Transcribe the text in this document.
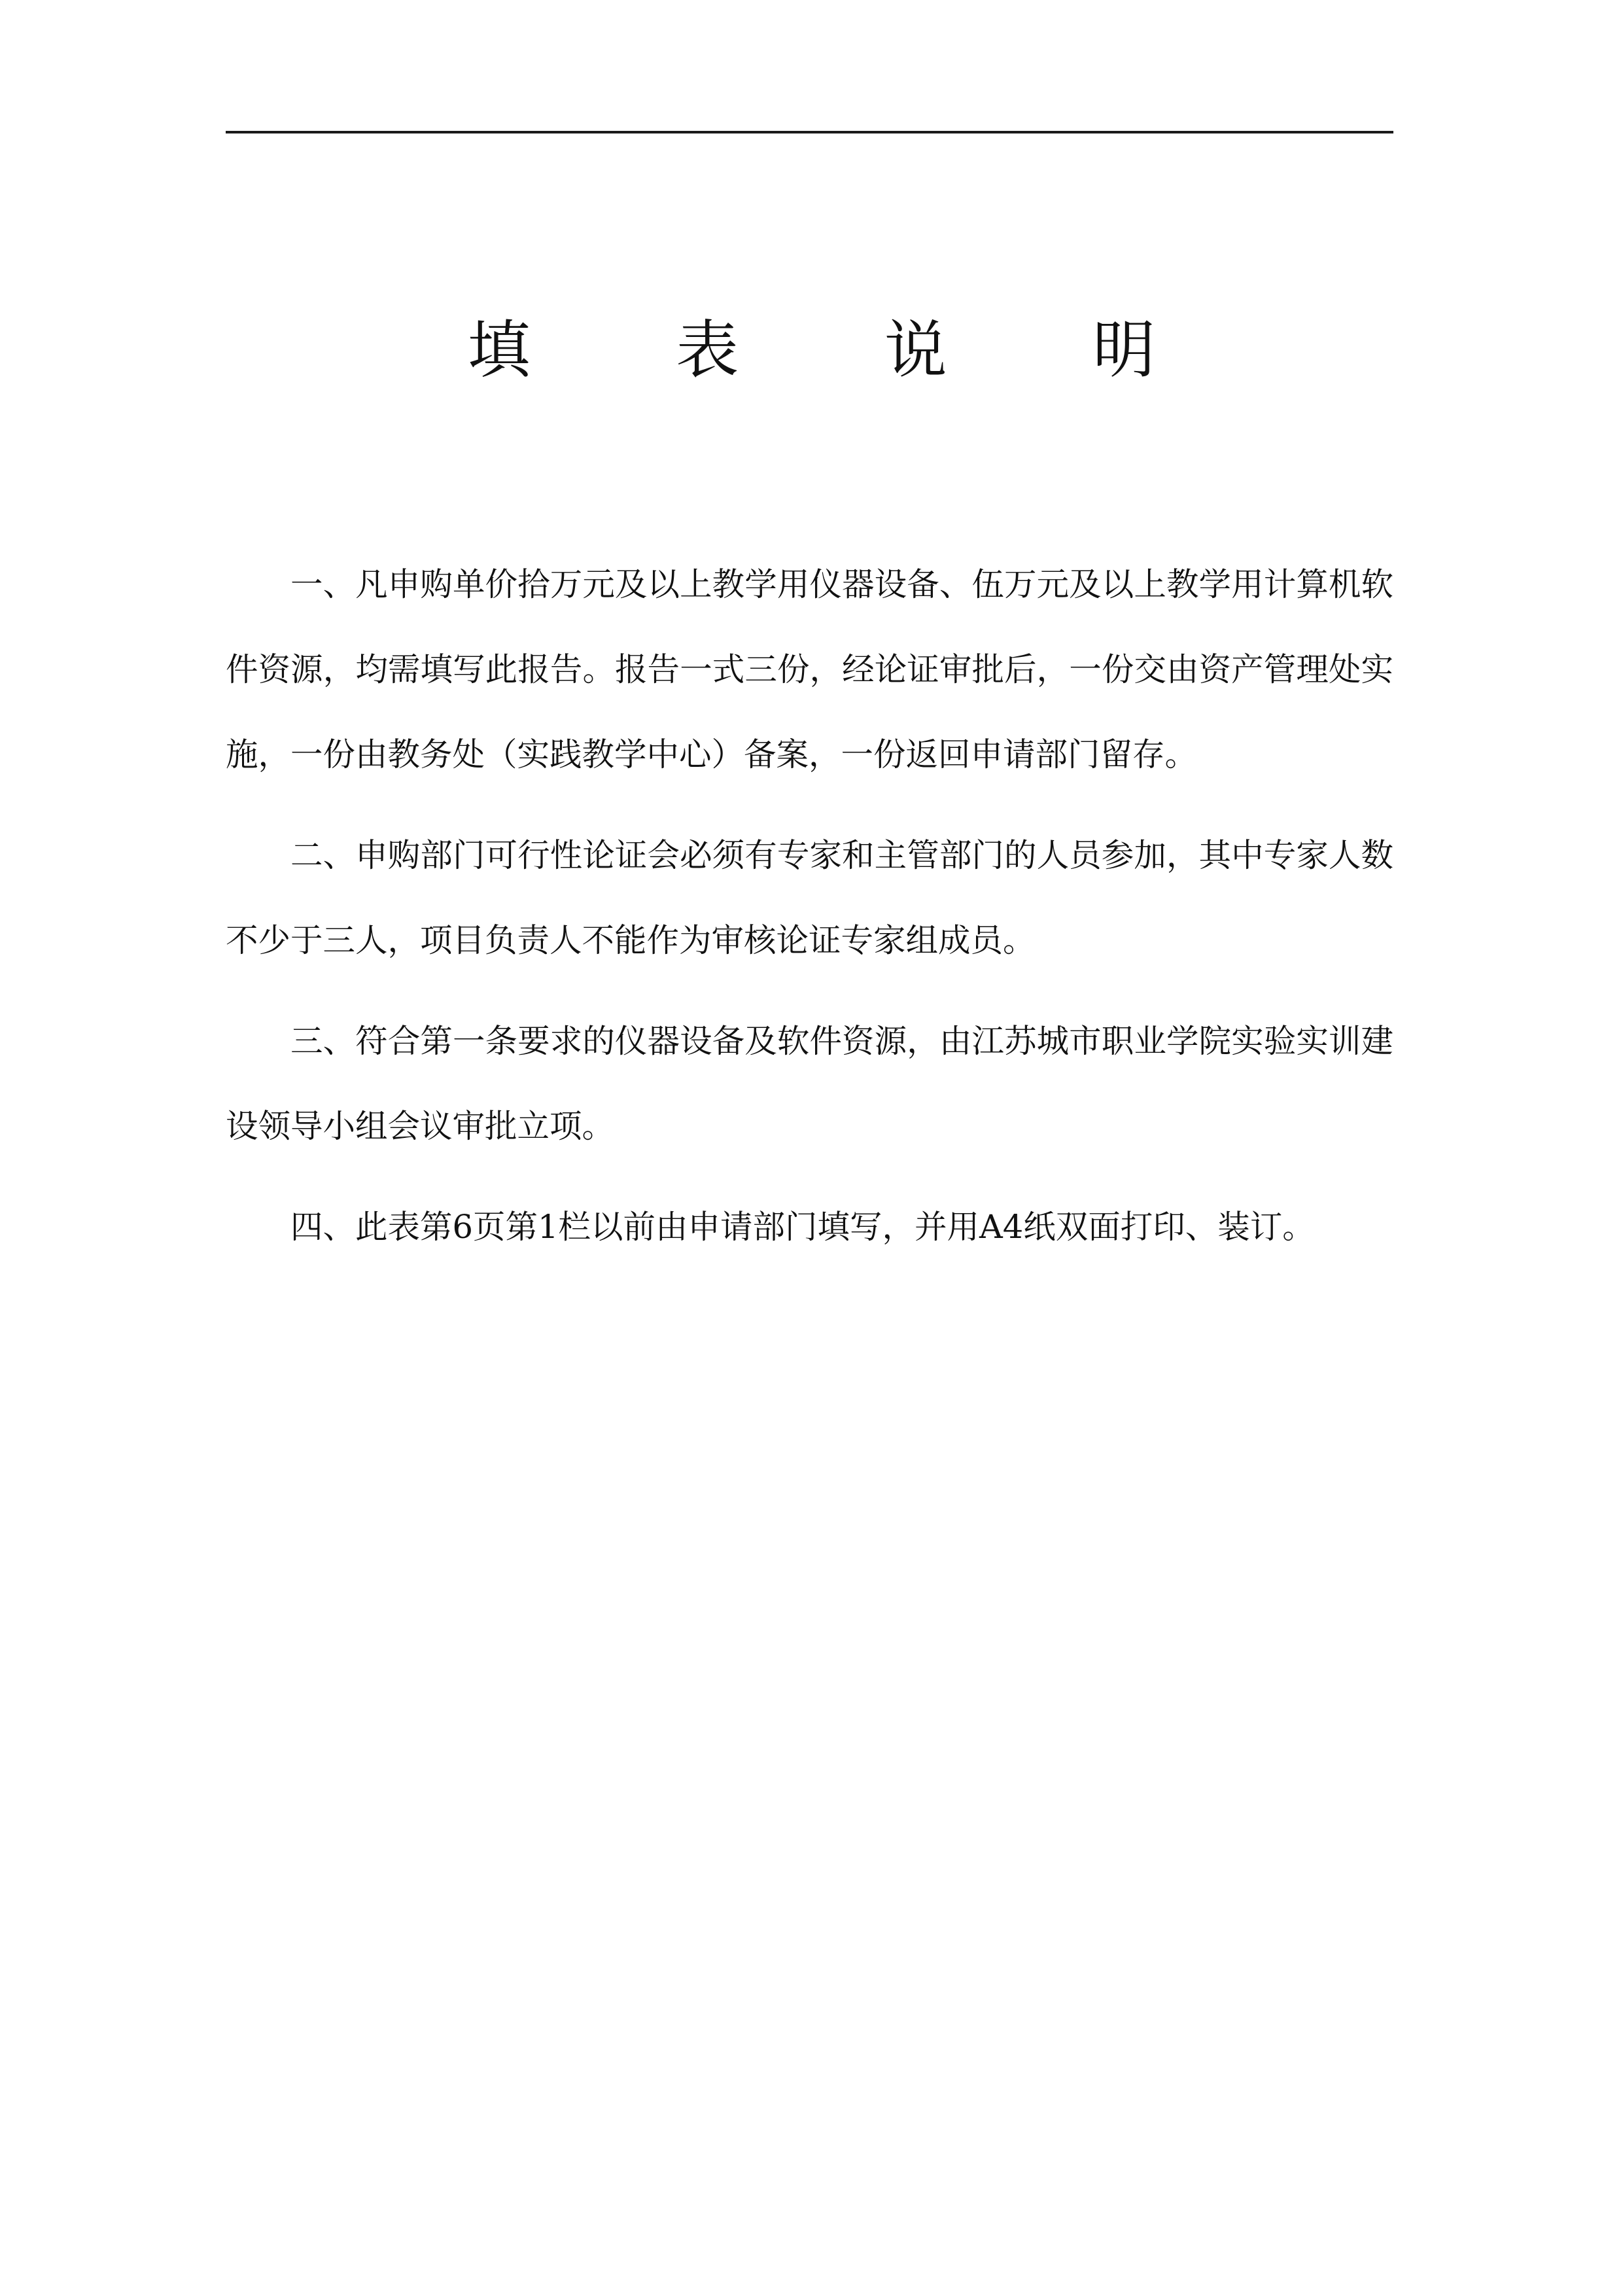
填 表 说 明

一、凡申购单价拾万元及以上教学用仪器设备、伍万元及以上教学用计算机软件资源，均需填写此报告。报告一式三份，经论证审批后，一份交由资产管理处实施，一份由教务处（实践教学中心）备案，一份返回申请部门留存。

二、申购部门可行性论证会必须有专家和主管部门的人员参加，其中专家人数不少于三人，项目负责人不能作为审核论证专家组成员。

三、符合第一条要求的仪器设备及软件资源，由江苏城市职业学院实验实训建设领导小组会议审批立项。

四、此表第6页第1栏以前由申请部门填写，并用A4纸双面打印、装订。
